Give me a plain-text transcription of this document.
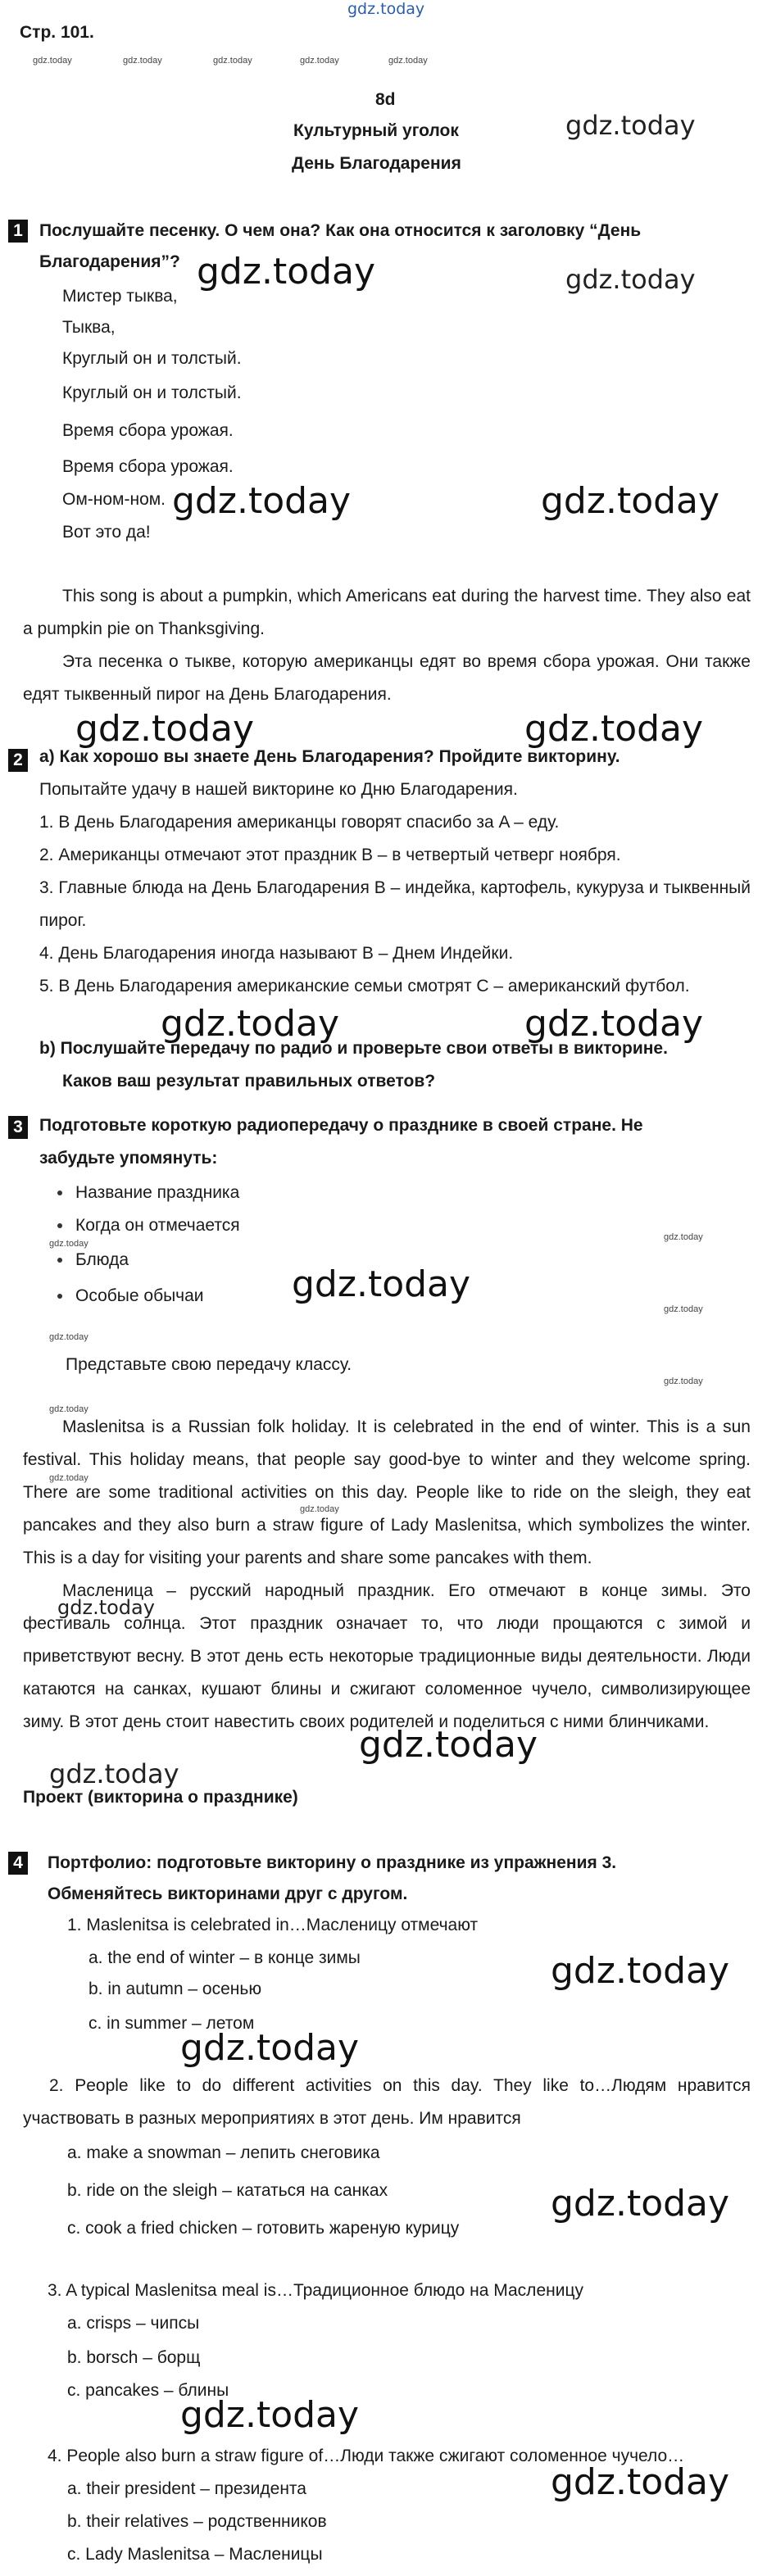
gdz.today
Стр. 101.
gdz.today	gdz.today	gdz.today	gdz.today	gdz.today
8d
Культурный уголок
День Благодарения
gdz.today
1 Послушайте песенку. О чем она? Как она относится к заголовку “День
Благодарения”?
gdz.today
gdz.today
Мистер тыква,
Тыква,
Круглый он и толстый.
Круглый он и толстый.
Время сбора урожая.
Время сбора урожая.
Ом-ном-ном.
Вот это да!
gdz.today	gdz.today
This song is about a pumpkin, which Americans eat during the harvest time. They also eat a pumpkin pie on Thanksgiving.
Эта песенка о тыкве, которую американцы едят во время сбора урожая. Они также едят тыквенный пирог на День Благодарения.
gdz.today	gdz.today
2 a) Как хорошо вы знаете День Благодарения? Пройдите викторину.
Попытайте удачу в нашей викторине ко Дню Благодарения.
1. В День Благодарения американцы говорят спасибо за A – еду.
2. Американцы отмечают этот праздник B – в четвертый четверг ноября.
3. Главные блюда на День Благодарения B – индейка, картофель, кукуруза и тыквенный пирог.
4. День Благодарения иногда называют B – Днем Индейки.
5. В День Благодарения американские семьи смотрят C – американский футбол.
gdz.today	gdz.today
b) Послушайте передачу по радио и проверьте свои ответы в викторине.
Каков ваш результат правильных ответов?
3 Подготовьте короткую радиопередачу о празднике в своей стране. Не
забудьте упомянуть:
Название праздника
Когда он отмечается
gdz.today
gdz.today
Блюда
Особые обычаи gdz.today
gdz.today
gdz.today
Представьте свою передачу классу.
gdz.today
gdz.today
Maslenitsa is a Russian folk holiday. It is celebrated in the end of winter. This is a sun festival. This holiday means, that people say good-bye to winter and they welcome spring. There are some traditional activities on this day. People like to ride on the sleigh, they eat pancakes and they also burn a straw figure of Lady Maslenitsa, which symbolizes the winter. This is a day for visiting your parents and share some pancakes with them.
gdz.today
gdz.today
Масленица – русский народный праздник. Его отмечают в конце зимы. Это фестиваль солнца. Этот праздник означает то, что люди прощаются с зимой и приветствуют весну. В этот день есть некоторые традиционные виды деятельности. Люди катаются на санках, кушают блины и сжигают соломенное чучело, символизирующее зиму. В этот день стоит навестить своих родителей и поделиться с ними блинчиками.
gdz.today
gdz.today
gdz.today
Проект (викторина о празднике)
4 Портфолио: подготовьте викторину о празднике из упражнения 3.
Обменяйтесь викторинами друг с другом.
1. Maslenitsa is celebrated in…Масленицу отмечают
a. the end of winter – в конце зимы
b. in autumn – осенью
c. in summer – летом
gdz.today
gdz.today
2. People like to do different activities on this day. They like to…Людям нравится участвовать в разных мероприятиях в этот день. Им нравится
a. make a snowman – лепить снеговика
b. ride on the sleigh – кататься на санках
c. cook a fried chicken – готовить жареную курицу
gdz.today
3. A typical Maslenitsa meal is…Традиционное блюдо на Масленицу
a. crisps – чипсы
b. borsch – борщ
c. pancakes – блины
gdz.today
4. People also burn a straw figure of…Люди также сжигают соломенное чучело…
a. their president – президента
b. their relatives – родственников
c. Lady Maslenitsa – Масленицы
gdz.today
